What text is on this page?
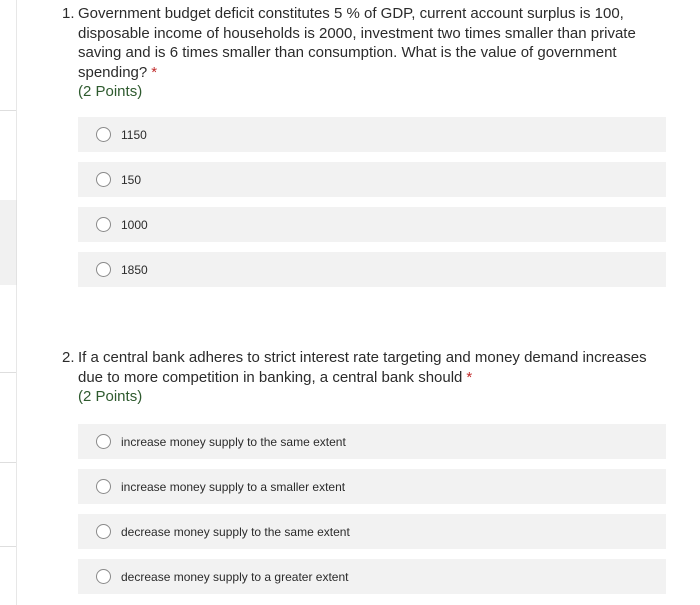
1. Government budget deficit constitutes 5 % of GDP, current account surplus is 100, disposable income of households is 2000, investment two times smaller than private saving and is 6 times smaller than consumption. What is the value of government spending? *
(2 Points)
1150
150
1000
1850
2. If a central bank adheres to strict interest rate targeting and money demand increases due to more competition in banking, a central bank should *
(2 Points)
increase money supply to the same extent
increase money supply to a smaller extent
decrease money supply to the same extent
decrease money supply to a greater extent
